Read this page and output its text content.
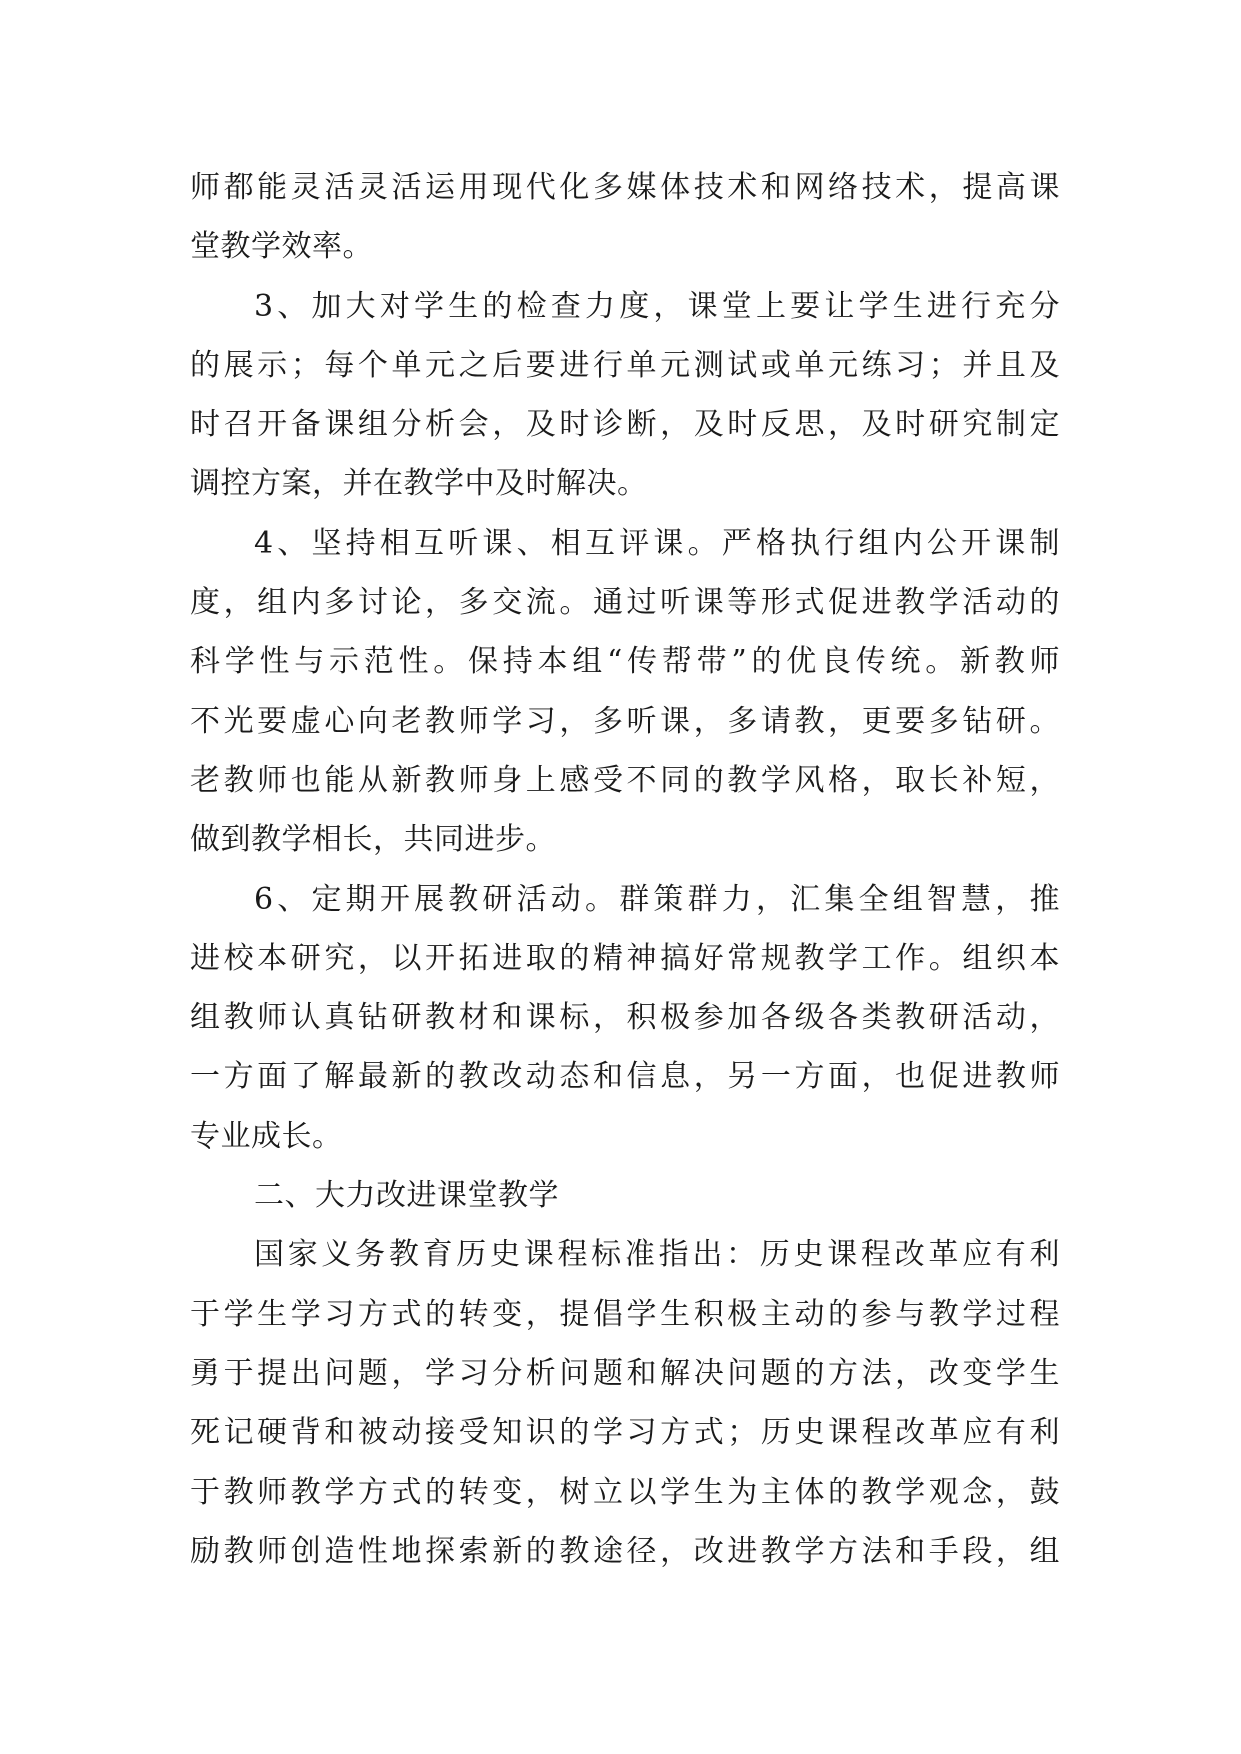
师都能灵活灵活运用现代化多媒体技术和网络技术，提高课
堂教学效率。
3、加大对学生的检查力度，课堂上要让学生进行充分
的展示；每个单元之后要进行单元测试或单元练习；并且及
时召开备课组分析会，及时诊断，及时反思，及时研究制定
调控方案，并在教学中及时解决。
4、坚持相互听课、相互评课。严格执行组内公开课制
度，组内多讨论，多交流。通过听课等形式促进教学活动的
科学性与示范性。保持本组“传帮带”的优良传统。新教师
不光要虚心向老教师学习，多听课，多请教，更要多钻研。
老教师也能从新教师身上感受不同的教学风格，取长补短，
做到教学相长，共同进步。
6、定期开展教研活动。群策群力，汇集全组智慧，推
进校本研究，以开拓进取的精神搞好常规教学工作。组织本
组教师认真钻研教材和课标，积极参加各级各类教研活动，
一方面了解最新的教改动态和信息，另一方面，也促进教师
专业成长。
二、大力改进课堂教学
国家义务教育历史课程标准指出：历史课程改革应有利
于学生学习方式的转变，提倡学生积极主动的参与教学过程
勇于提出问题，学习分析问题和解决问题的方法，改变学生
死记硬背和被动接受知识的学习方式；历史课程改革应有利
于教师教学方式的转变，树立以学生为主体的教学观念，鼓
励教师创造性地探索新的教途径，改进教学方法和手段，组
